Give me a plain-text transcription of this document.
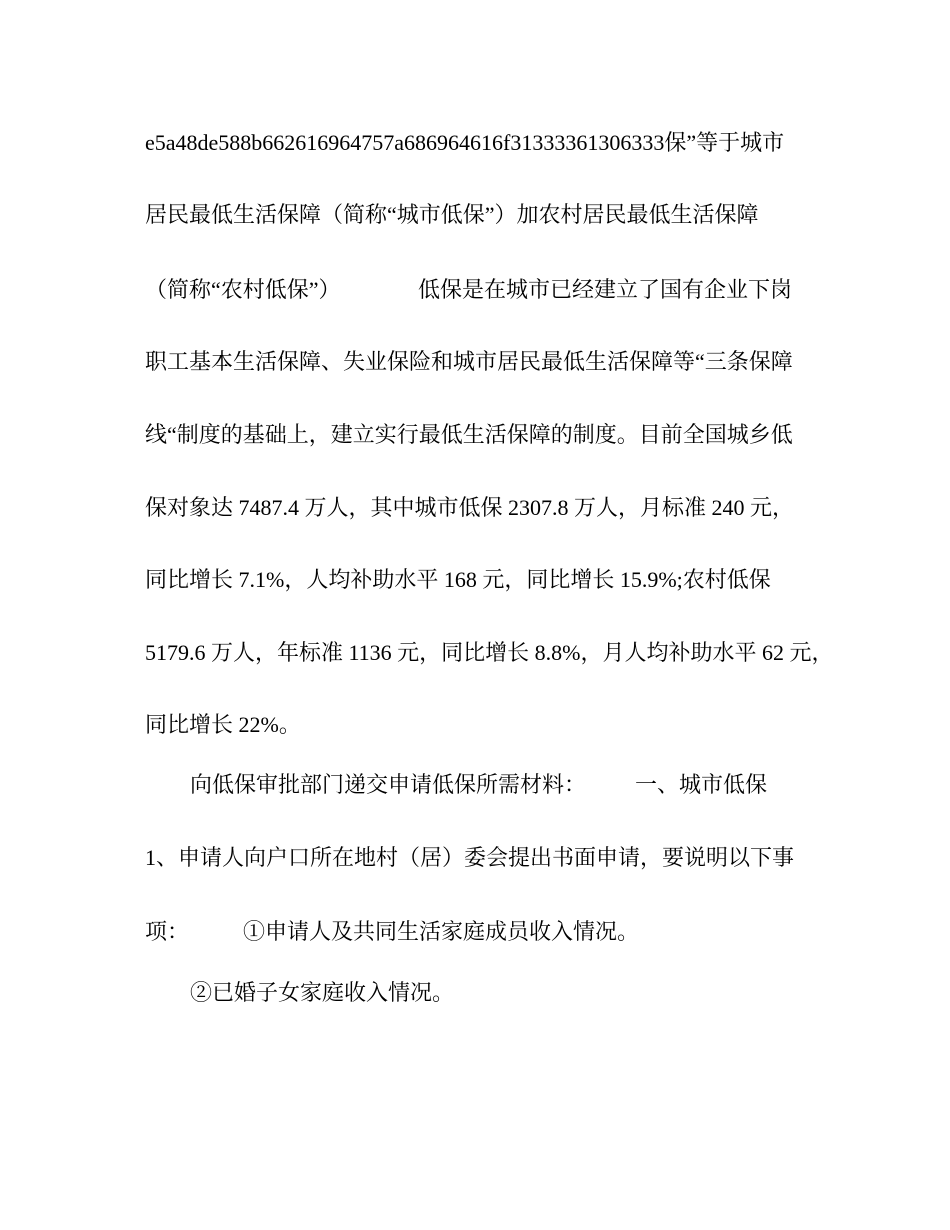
e5a48de588b662616964757a686964616f31333361306333保”等于城市
居民最低生活保障（简称“城市低保”）加农村居民最低生活保障
（简称“农村低保”）	低保是在城市已经建立了国有企业下岗
职工基本生活保障、失业保险和城市居民最低生活保障等“三条保障
线“制度的基础上，建立实行最低生活保障的制度。目前全国城乡低
保对象达 7487.4 万人，其中城市低保 2307.8 万人，月标准 240 元，
同比增长 7.1%，人均补助水平 168 元，同比增长 15.9%;农村低保
5179.6 万人，年标准 1136 元，同比增长 8.8%，月人均补助水平 62 元，
同比增长 22%。
向低保审批部门递交申请低保所需材料： 一、城市低保
1、申请人向户口所在地村（居）委会提出书面申请，要说明以下事
项： ①申请人及共同生活家庭成员收入情况。
②已婚子女家庭收入情况。
